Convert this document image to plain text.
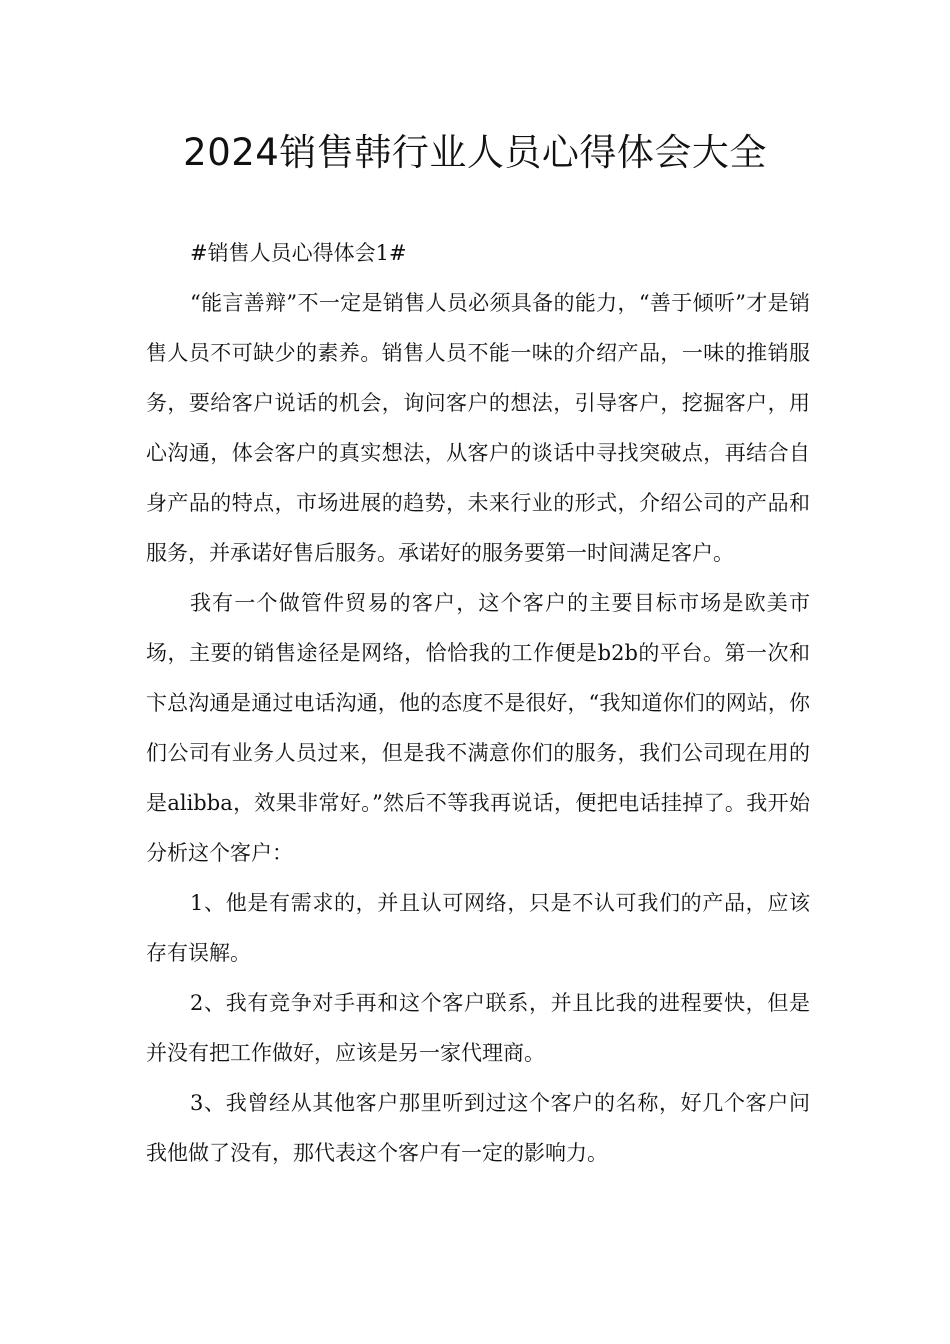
2024销售韩行业人员心得体会大全

#销售人员心得体会1#

“能言善辩”不一定是销售人员必须具备的能力，“善于倾听”才是销售人员不可缺少的素养。销售人员不能一味的介绍产品，一味的推销服务，要给客户说话的机会，询问客户的想法，引导客户，挖掘客户，用心沟通，体会客户的真实想法，从客户的谈话中寻找突破点，再结合自身产品的特点，市场进展的趋势，未来行业的形式，介绍公司的产品和服务，并承诺好售后服务。承诺好的服务要第一时间满足客户。

我有一个做管件贸易的客户，这个客户的主要目标市场是欧美市场，主要的销售途径是网络，恰恰我的工作便是b2b的平台。第一次和卞总沟通是通过电话沟通，他的态度不是很好，“我知道你们的网站，你们公司有业务人员过来，但是我不满意你们的服务，我们公司现在用的是alibba，效果非常好。”然后不等我再说话，便把电话挂掉了。我开始分析这个客户：

1、他是有需求的，并且认可网络，只是不认可我们的产品，应该存有误解。

2、我有竞争对手再和这个客户联系，并且比我的进程要快，但是并没有把工作做好，应该是另一家代理商。

3、我曾经从其他客户那里听到过这个客户的名称，好几个客户问我他做了没有，那代表这个客户有一定的影响力。
